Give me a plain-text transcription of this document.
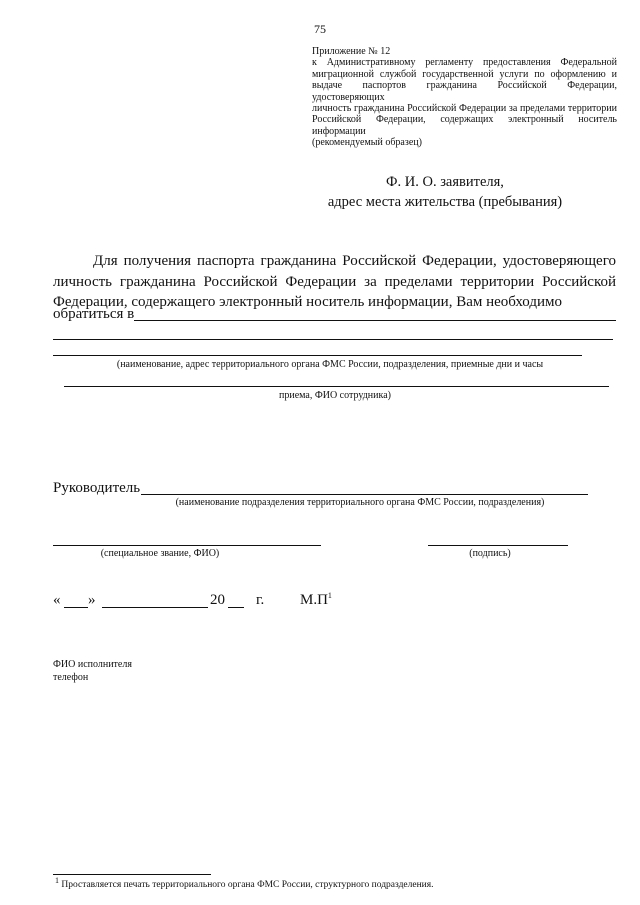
75
Приложение № 12
к Административному регламенту предоставления Федеральной
миграционной службой государственной услуги по оформлению и
выдаче паспортов гражданина Российской Федерации, удостоверяющих
личность гражданина Российской Федерации за пределами территории
Российской Федерации, содержащих электронный носитель информации
(рекомендуемый образец)
Ф. И. О. заявителя,
адрес места жительства (пребывания)
Для получения паспорта гражданина Российской Федерации, удостоверяющего личность гражданина Российской Федерации за пределами территории Российской Федерации, содержащего электронный носитель информации, Вам необходимо
обратиться в
(наименование, адрес территориального органа ФМС России, подразделения, приемные дни и часы
приема, ФИО сотрудника)
Руководитель
(наименование подразделения территориального органа ФМС России, подразделения)
(специальное звание, ФИО)	(подпись)
« »	20 г. $М.П^1$
ФИО исполнителя
телефон
$^1$ Проставляется печать территориального органа ФМС России, структурного подразделения.
